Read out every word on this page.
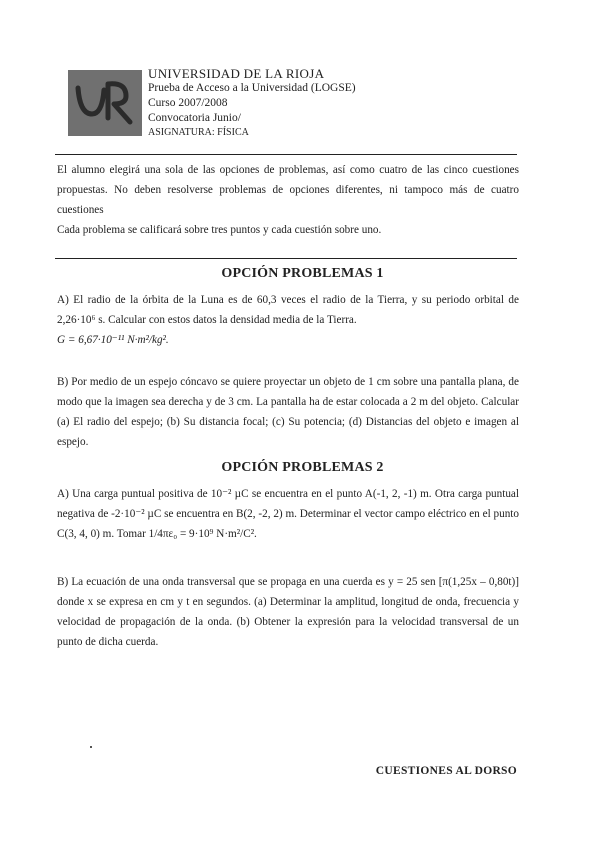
UNIVERSIDAD DE LA RIOJA

Prueba de Acceso a la Universidad (LOGSE)

Curso 2007/2008

Convocatoria Junio/

ASIGNATURA: FÍSICA

El alumno elegirá una sola de las opciones de problemas, así como cuatro de las cinco cuestiones propuestas. No deben resolverse problemas de opciones diferentes, ni tampoco más de cuatro cuestiones

Cada problema se calificará sobre tres puntos y cada cuestión sobre uno.

OPCIÓN PROBLEMAS 1

A) El radio de la órbita de la Luna es de 60,3 veces el radio de la Tierra, y su periodo orbital de 2,26·10⁶ s. Calcular con estos datos la densidad media de la Tierra.

G = 6,67·10⁻¹¹ N·m²/kg².

B) Por medio de un espejo cóncavo se quiere proyectar un objeto de 1 cm sobre una pantalla plana, de modo que la imagen sea derecha y de 3 cm. La pantalla ha de estar colocada a 2 m del objeto. Calcular (a) El radio del espejo; (b) Su distancia focal; (c) Su potencia; (d) Distancias del objeto e imagen al espejo.

OPCIÓN PROBLEMAS 2

A) Una carga puntual positiva de 10⁻² µC se encuentra en el punto A(-1, 2, -1) m. Otra carga puntual negativa de -2·10⁻² µC se encuentra en B(2, -2, 2) m. Determinar el vector campo eléctrico en el punto C(3, 4, 0) m. Tomar 1/4πε₀ = 9·10⁹ N·m²/C².

B) La ecuación de una onda transversal que se propaga en una cuerda es y = 25 sen [π(1,25x – 0,80t)] donde x se expresa en cm y t en segundos. (a) Determinar la amplitud, longitud de onda, frecuencia y velocidad de propagación de la onda. (b) Obtener la expresión para la velocidad transversal de un punto de dicha cuerda.

CUESTIONES AL DORSO
